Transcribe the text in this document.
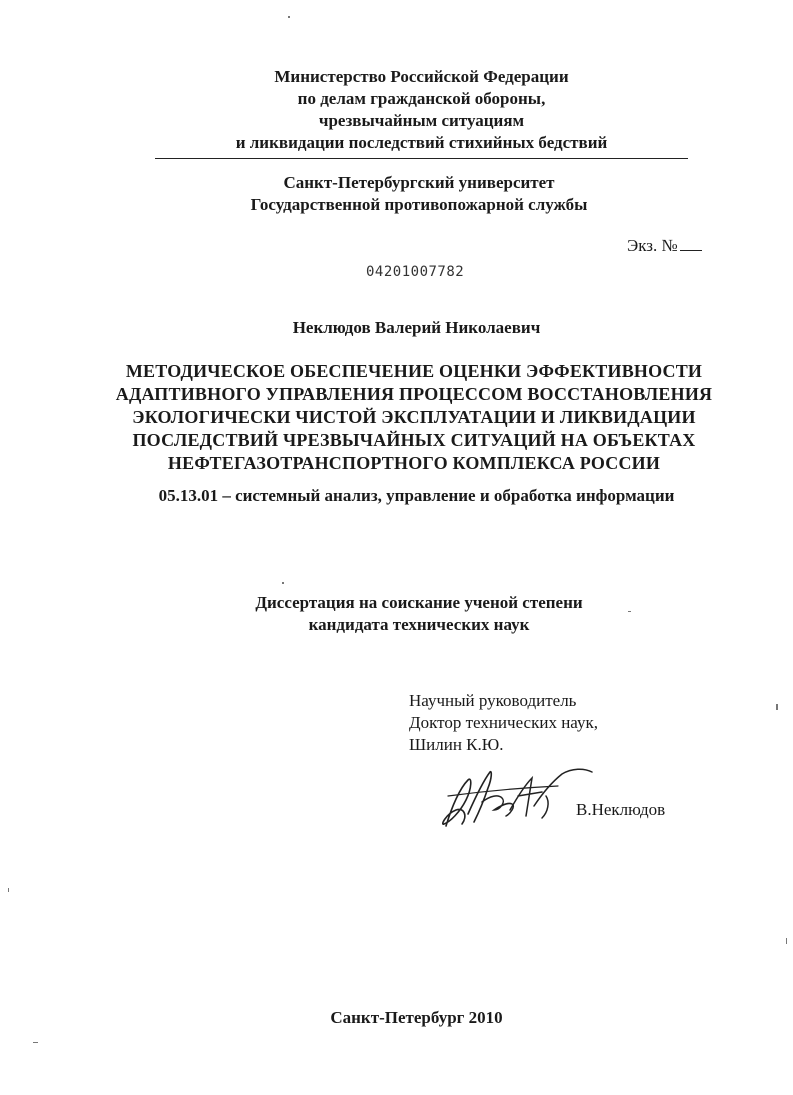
Министерство Российской Федерации
по делам гражданской обороны,
чрезвычайным ситуациям
и ликвидации последствий стихийных бедствий
Санкт-Петербургский университет
Государственной противопожарной службы
Экз. №
04201007782
Неклюдов Валерий Николаевич
МЕТОДИЧЕСКОЕ ОБЕСПЕЧЕНИЕ ОЦЕНКИ ЭФФЕКТИВНОСТИ
АДАПТИВНОГО УПРАВЛЕНИЯ ПРОЦЕССОМ ВОССТАНОВЛЕНИЯ
ЭКОЛОГИЧЕСКИ ЧИСТОЙ ЭКСПЛУАТАЦИИ И ЛИКВИДАЦИИ
ПОСЛЕДСТВИЙ ЧРЕЗВЫЧАЙНЫХ СИТУАЦИЙ НА ОБЪЕКТАХ
НЕФТЕГАЗОТРАНСПОРТНОГО КОМПЛЕКСА РОССИИ
05.13.01 – системный анализ, управление и обработка информации
Диссертация на соискание ученой степени
кандидата технических наук
Научный руководитель
Доктор технических наук,
Шилин К.Ю.
В.Неклюдов
Санкт-Петербург 2010
